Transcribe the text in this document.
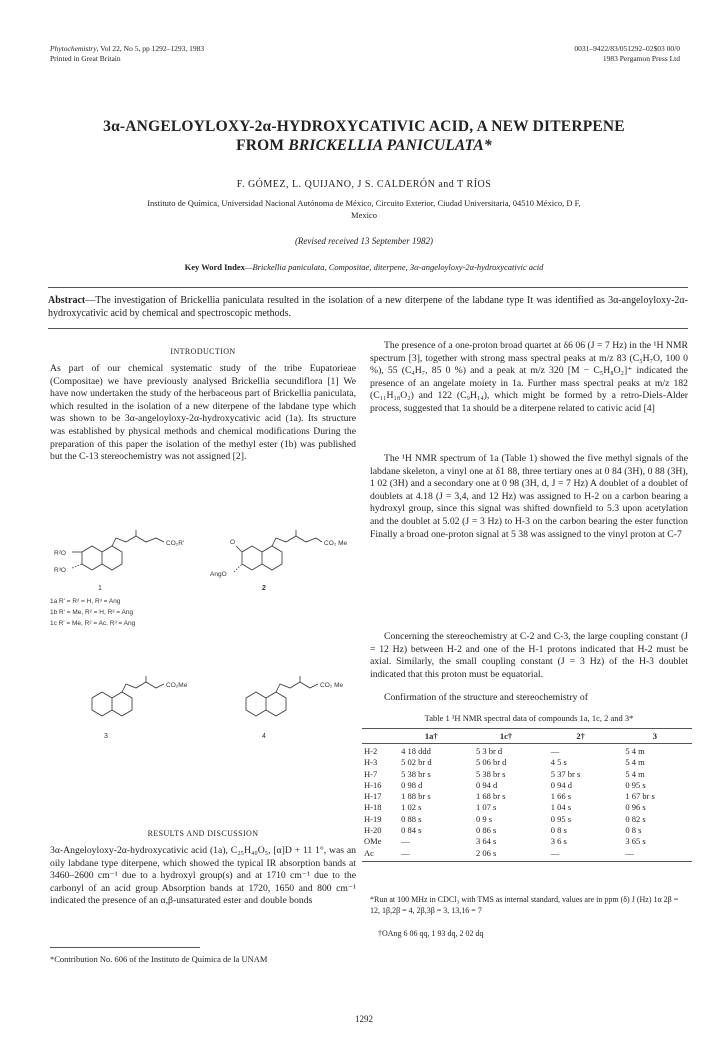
Phytochemistry, Vol 22, No 5, pp 1292–1293, 1983
Printed in Great Britain
0031–9422/83/051292–02$03 00/0
1983 Pergamon Press Ltd
3α-ANGELOYLOXY-2α-HYDROXYCATIVIC ACID, A NEW DITERPENE
FROM BRICKELLIA PANICULATA*
F. GÓMEZ, L. QUIJANO, J S. CALDERÓN and T RÍOS
Instituto de Química, Universidad Nacional Autónoma de México, Circuito Exterior, Ciudad Universitaria, 04510 México, D F,
Mexico
(Revised received 13 September 1982)
Key Word Index—Brickellia paniculata, Compositae, diterpene, 3α-angeloyloxy-2α-hydroxycativic acid
Abstract—The investigation of Brickellia paniculata resulted in the isolation of a new diterpene of the labdane type It was identified as 3α-angeloyloxy-2α-hydroxycativic acid by chemical and spectroscopic methods.
INTRODUCTION
As part of our chemical systematic study of the tribe Eupatorieae (Compositae) we have previously analysed Brickellia secundiflora [1] We have now undertaken the study of the herbaceous part of Brickellia paniculata, which resulted in the isolation of a new diterpene of the labdane type which was shown to be 3α-angeloyloxy-2α-hydroxycativic acid (1a). Its structure was established by physical methods and chemical modifications During the preparation of this paper the isolation of the methyl ester (1b) was published but the C-13 stereochemistry was not assigned [2].
CO₂R'
R²O
R³O
1
O	CO₂ Me
AngO
2
1a R' = R² = H, R³ = Ang
1b R' = Me, R² = H, R³ = Ang
1c R' = Me, R² = Ac, R³ = Ang
CO₂Me
3
CO₂ Me
4
RESULTS AND DISCUSSION
3α-Angeloyloxy-2α-hydroxycativic acid (1a), C₂₅H₄₀O₅, [α]D + 11 1°, was an oily labdane type diterpene, which showed the typical IR absorption bands at 3460–2600 cm⁻¹ due to a hydroxyl group(s) and at 1710 cm⁻¹ due to the carbonyl of an acid group Absorption bands at 1720, 1650 and 800 cm⁻¹ indicated the presence of an α,β-unsaturated ester and double bonds
*Contribution No. 606 of the Instituto de Química de la UNAM
The presence of a one-proton broad quartet at δ6 06 (J = 7 Hz) in the ¹H NMR spectrum [3], together with strong mass spectral peaks at m/z 83 (C₅H₇O, 100 0 %), 55 (C₄H₇, 85 0 %) and a peak at m/z 320 [M − C₅H₈O₂]⁺ indicated the presence of an angelate moiety in 1a. Further mass spectral peaks at m/z 182 (C₁₁H₁₈O₂) and 122 (C₉H₁₄), which might be formed by a retro-Diels-Alder process, suggested that 1a should be a diterpene related to cativic acid [4]
The ¹H NMR spectrum of 1a (Table 1) showed the five methyl signals of the labdane skeleton, a vinyl one at δ1 88, three tertiary ones at 0 84 (3H), 0 88 (3H), 1 02 (3H) and a secondary one at 0 98 (3H, d, J = 7 Hz) A doublet of a doublet of doublets at 4.18 (J = 3,4, and 12 Hz) was assigned to H-2 on a carbon bearing a hydroxyl group, since this signal was shifted downfield to 5.3 upon acetylation and the doublet at 5.02 (J = 3 Hz) to H-3 on the carbon bearing the ester function Finally a broad one-proton signal at 5 38 was assigned to the vinyl proton at C-7
Concerning the stereochemistry at C-2 and C-3, the large coupling constant (J = 12 Hz) between H-2 and one of the H-1 protons indicated that H-2 must be axial. Similarly, the small coupling constant (J = 3 Hz) of the H-3 doublet indicated that this proton must be equatorial.
Confirmation of the structure and stereochemistry of
Table 1 ¹H NMR spectral data of compounds 1a, 1c, 2 and 3*
	1a†	1c†	2†	3
H-2	4 18 ddd	5 3 br d	—	5 4 m
H-3	5 02 br d	5 06 br d	4 5 s	5 4 m
H-7	5 38 br s	5 38 br s	5 37 br s	5 4 m
H-16	0 98 d	0 94 d	0 94 d	0 95 s
H-17	1 88 br s	1 68 br s	1 66 s	1 67 br s
H-18	1 02 s	1 07 s	1 04 s	0 96 s
H-19	0 88 s	0 9 s	0 95 s	0 82 s
H-20	0 84 s	0 86 s	0 8 s	0 8 s
OMe	—	3 64 s	3 6 s	3 65 s
Ac	—	2 06 s	—	—
*Run at 100 MHz in CDCl₃ with TMS as internal standard, values are in ppm (δ) J (Hz) 1α 2β = 12, 1β,2β = 4, 2β,3β = 3, 13,16 = 7
†OAng 6 06 qq, 1 93 dq, 2 02 dq
1292
